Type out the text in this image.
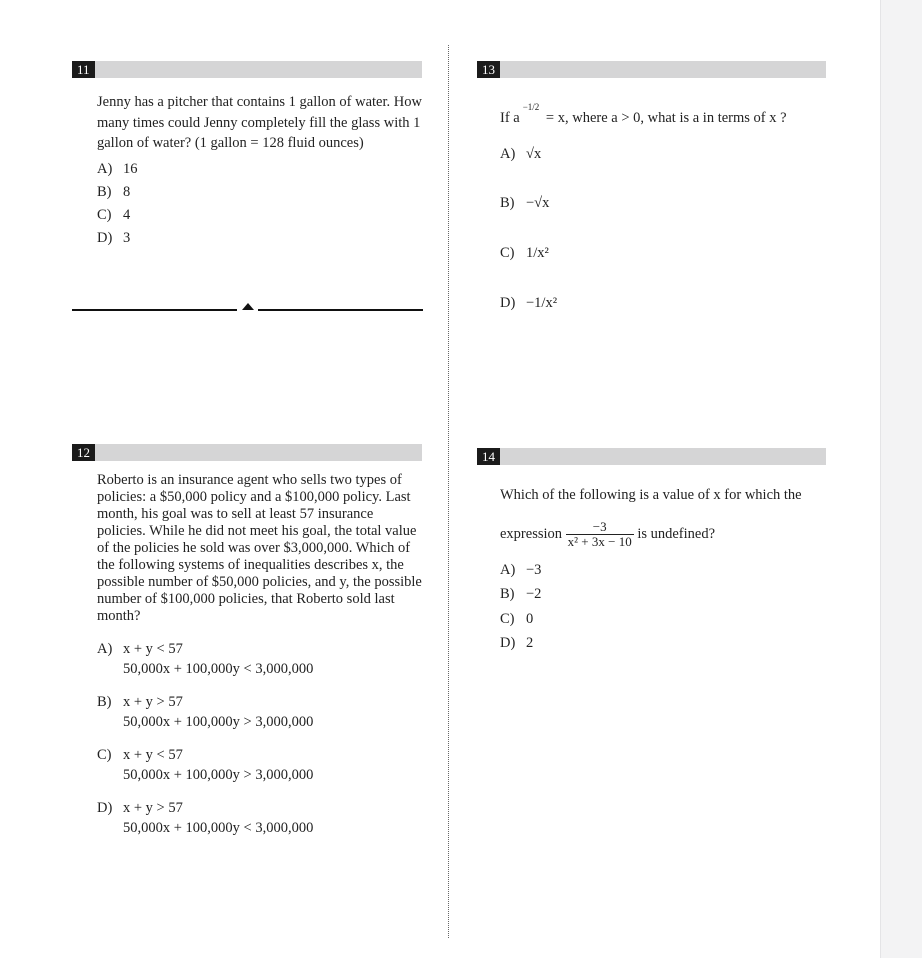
11
Jenny has a pitcher that contains 1 gallon of water. How many times could Jenny completely fill the glass with 1 gallon of water? (1 gallon = 128 fluid ounces)
A) 16
B) 8
C) 4
D) 3
12
Roberto is an insurance agent who sells two types of policies: a $50,000 policy and a $100,000 policy. Last month, his goal was to sell at least 57 insurance policies. While he did not meet his goal, the total value of the policies he sold was over $3,000,000. Which of the following systems of inequalities describes x, the possible number of $50,000 policies, and y, the possible number of $100,000 policies, that Roberto sold last month?
A) x + y < 57
50,000x + 100,000y < 3,000,000
B) x + y > 57
50,000x + 100,000y > 3,000,000
C) x + y < 57
50,000x + 100,000y > 3,000,000
D) x + y > 57
50,000x + 100,000y < 3,000,000
13
If $a^{-1/2} = x$, where a > 0, what is a in terms of x ?
A) √x
B) −√x
C) 1/x²
D) −1/x²
14
Which of the following is a value of x for which the
expression $\frac{-3}{\text{x² + 3x − 10}}$ is undefined?
A) −3
B) −2
C) 0
D) 2
